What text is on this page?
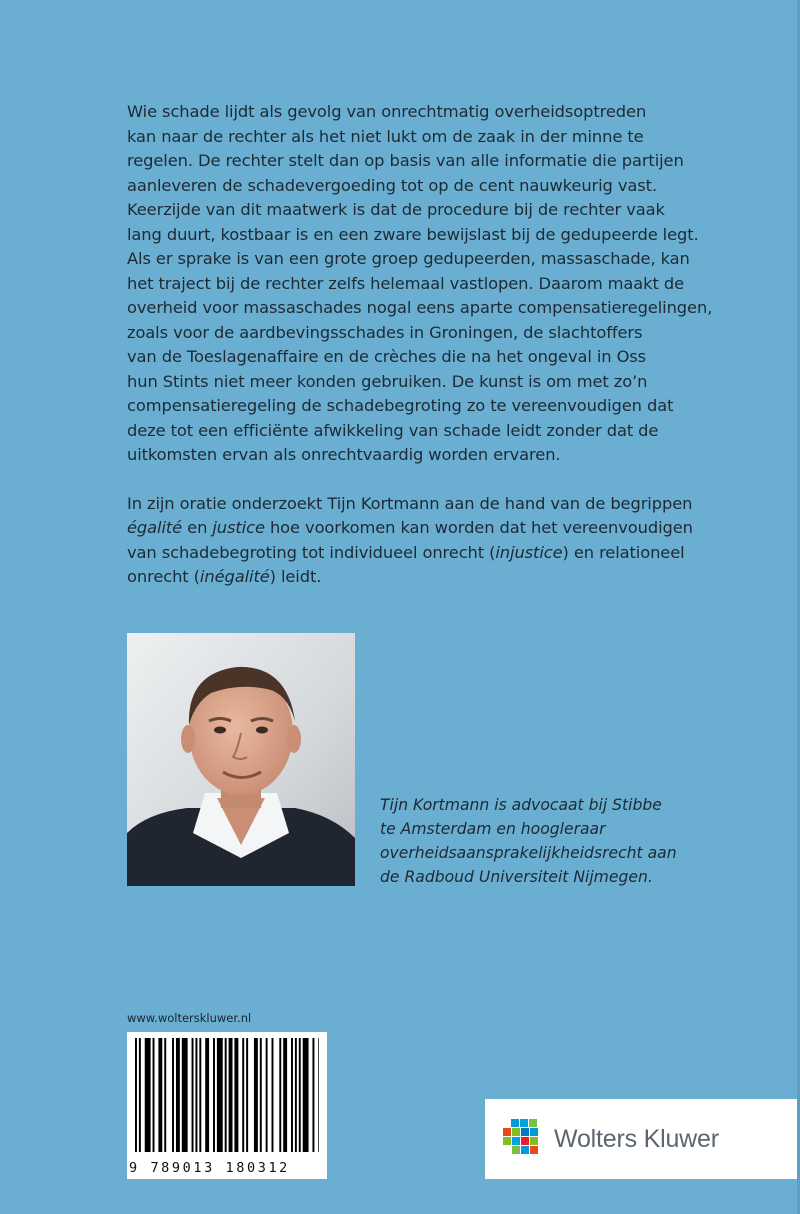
Wie schade lijdt als gevolg van onrechtmatig overheidsoptreden
kan naar de rechter als het niet lukt om de zaak in der minne te
regelen. De rechter stelt dan op basis van alle informatie die partijen
aanleveren de schadevergoeding tot op de cent nauwkeurig vast.
Keerzijde van dit maatwerk is dat de procedure bij de rechter vaak
lang duurt, kostbaar is en een zware bewijslast bij de gedupeerde legt.
Als er sprake is van een grote groep gedupeerden, massaschade, kan
het traject bij de rechter zelfs helemaal vastlopen. Daarom maakt de
overheid voor massaschades nogal eens aparte compensatieregelingen,
zoals voor de aardbevingsschades in Groningen, de slachtoffers
van de Toeslagenaffaire en de crèches die na het ongeval in Oss
hun Stints niet meer konden gebruiken. De kunst is om met zo’n
compensatieregeling de schadebegroting zo te vereenvoudigen dat
deze tot een efficiënte afwikkeling van schade leidt zonder dat de
uitkomsten ervan als onrechtvaardig worden ervaren.

In zijn oratie onderzoekt Tijn Kortmann aan de hand van de begrippen
égalité en justice hoe voorkomen kan worden dat het vereenvoudigen
van schadebegroting tot individueel onrecht (injustice) en relationeel
onrecht (inégalité) leidt.

Tijn Kortmann is advocaat bij Stibbe
te Amsterdam en hoogleraar
overheidsaansprakelijkheidsrecht aan
de Radboud Universiteit Nijmegen.
www.wolterskluwer.nl
9 789013 180312
Wolters Kluwer
